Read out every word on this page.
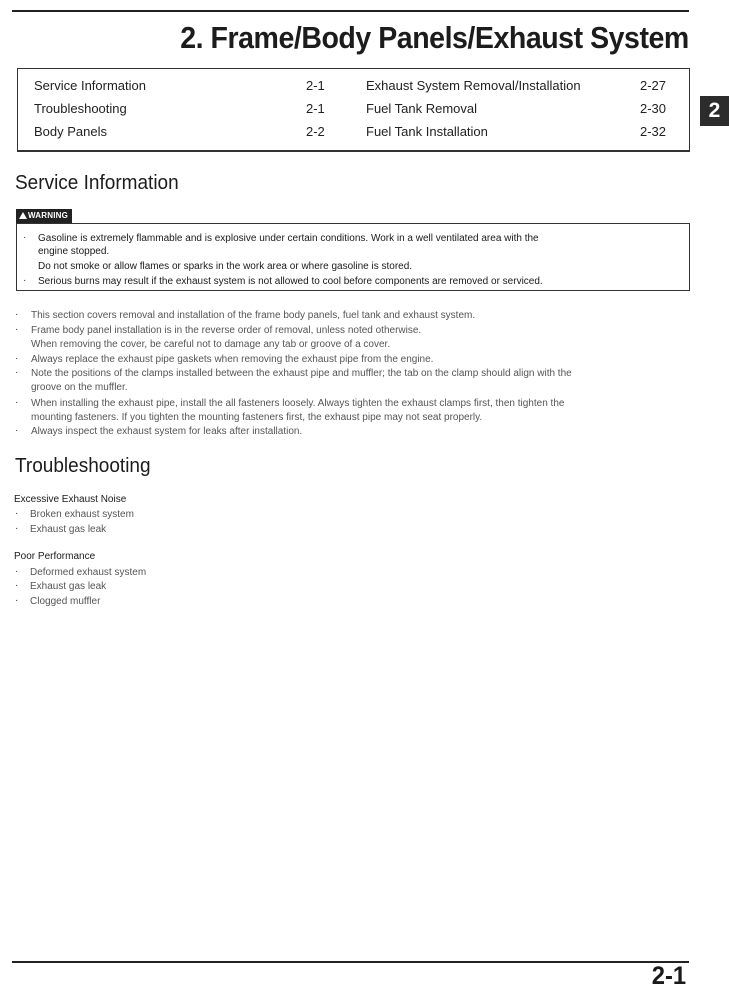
2. Frame/Body Panels/Exhaust System
Service Information	2-1	Exhaust System Removal/Installation	2-27
Troubleshooting	2-1	Fuel Tank Removal	2-30
Body Panels	2-2	Fuel Tank Installation	2-32
2
Service Information
WARNING
· Gasoline is extremely flammable and is explosive under certain conditions. Work in a well ventilated area with the
engine stopped.
Do not smoke or allow flames or sparks in the work area or where gasoline is stored.
· Serious burns may result if the exhaust system is not allowed to cool before components are removed or serviced.
· This section covers removal and installation of the frame body panels, fuel tank and exhaust system.
· Frame body panel installation is in the reverse order of removal, unless noted otherwise.
When removing the cover, be careful not to damage any tab or groove of a cover.
· Always replace the exhaust pipe gaskets when removing the exhaust pipe from the engine.
· Note the positions of the clamps installed between the exhaust pipe and muffler; the tab on the clamp should align with the
groove on the muffler.
· When installing the exhaust pipe, install the all fasteners loosely. Always tighten the exhaust clamps first, then tighten the
mounting fasteners. If you tighten the mounting fasteners first, the exhaust pipe may not seat properly.
· Always inspect the exhaust system for leaks after installation.
Troubleshooting
Excessive Exhaust Noise
· Broken exhaust system
· Exhaust gas leak
Poor Performance
· Deformed exhaust system
· Exhaust gas leak
· Clogged muffler
2-1
